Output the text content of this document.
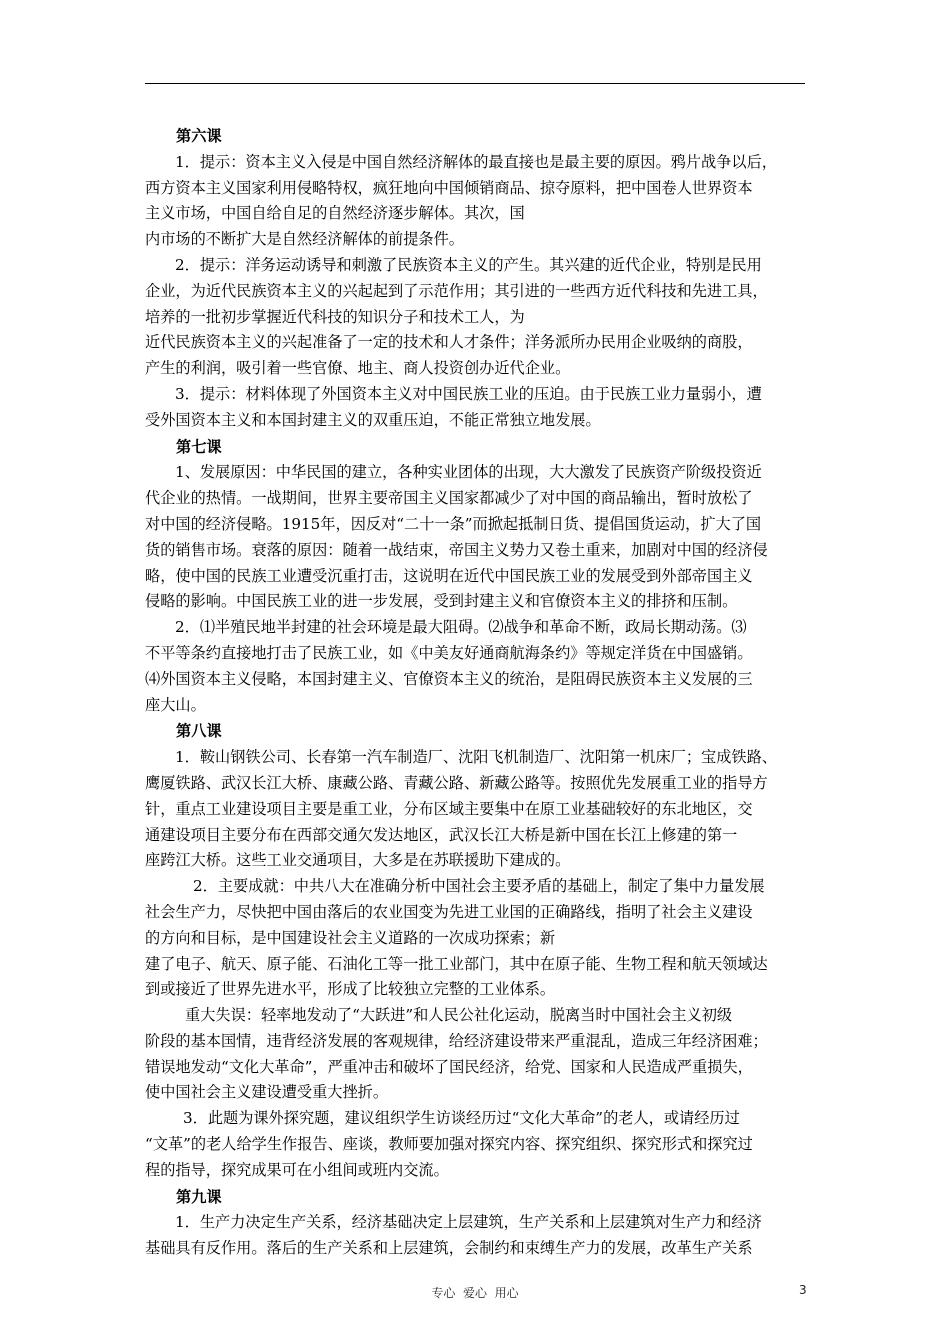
第六课
1．提示：资本主义入侵是中国自然经济解体的最直接也是最主要的原因。鸦片战争以后，
西方资本主义国家利用侵略特权，疯狂地向中国倾销商品、掠夺原料，把中国卷人世界资本
主义市场，中国自给自足的自然经济逐步解体。其次，国
内市场的不断扩大是自然经济解体的前提条件。
2．提示：洋务运动诱导和刺激了民族资本主义的产生。其兴建的近代企业，特别是民用
企业，为近代民族资本主义的兴起起到了示范作用；其引进的一些西方近代科技和先进工具，
培养的一批初步掌握近代科技的知识分子和技术工人，为
近代民族资本主义的兴起准备了一定的技术和人才条件；洋务派所办民用企业吸纳的商股，
产生的利润，吸引着一些官僚、地主、商人投资创办近代企业。
3．提示：材料体现了外国资本主义对中国民族工业的压迫。由于民族工业力量弱小，遭
受外国资本主义和本国封建主义的双重压迫，不能正常独立地发展。
第七课
1、发展原因：中华民国的建立，各种实业团体的出现，大大激发了民族资产阶级投资近
代企业的热情。一战期间，世界主要帝国主义国家都减少了对中国的商品输出，暂时放松了
对中国的经济侵略。1915年，因反对“二十一条”而掀起抵制日货、提倡国货运动，扩大了国
货的销售市场。衰落的原因：随着一战结束，帝国主义势力又卷土重来，加剧对中国的经济侵
略，使中国的民族工业遭受沉重打击，这说明在近代中国民族工业的发展受到外部帝国主义
侵略的影响。中国民族工业的进一步发展，受到封建主义和官僚资本主义的排挤和压制。
2．⑴半殖民地半封建的社会环境是最大阻碍。⑵战争和革命不断，政局长期动荡。⑶
不平等条约直接地打击了民族工业，如《中美友好通商航海条约》等规定洋货在中国盛销。
⑷外国资本主义侵略，本国封建主义、官僚资本主义的统治，是阻碍民族资本主义发展的三
座大山。
第八课
1．鞍山钢铁公司、长春第一汽车制造厂、沈阳飞机制造厂、沈阳第一机床厂；宝成铁路、
鹰厦铁路、武汉长江大桥、康藏公路、青藏公路、新藏公路等。按照优先发展重工业的指导方
针，重点工业建设项目主要是重工业，分布区域主要集中在原工业基础较好的东北地区，交
通建设项目主要分布在西部交通欠发达地区，武汉长江大桥是新中国在长江上修建的第一
座跨江大桥。这些工业交通项目，大多是在苏联援助下建成的。
2．主要成就：中共八大在准确分析中国社会主要矛盾的基础上，制定了集中力量发展
社会生产力，尽快把中国由落后的农业国变为先进工业国的正确路线，指明了社会主义建设
的方向和目标，是中国建设社会主义道路的一次成功探索；新
建了电子、航天、原子能、石油化工等一批工业部门，其中在原子能、生物工程和航天领域达
到或接近了世界先进水平，形成了比较独立完整的工业体系。
重大失误：轻率地发动了“大跃进”和人民公社化运动，脱离当时中国社会主义初级
阶段的基本国情，违背经济发展的客观规律，给经济建设带来严重混乱，造成三年经济困难；
错误地发动“文化大革命”，严重冲击和破坏了国民经济，给党、国家和人民造成严重损失，
使中国社会主义建设遭受重大挫折。
3．此题为课外探究题，建议组织学生访谈经历过“文化大革命”的老人，或请经历过
“文革”的老人给学生作报告、座谈，教师要加强对探究内容、探究组织、探究形式和探究过
程的指导，探究成果可在小组间或班内交流。
第九课
1．生产力决定生产关系，经济基础决定上层建筑，生产关系和上层建筑对生产力和经济
基础具有反作用。落后的生产关系和上层建筑，会制约和束缚生产力的发展，改革生产关系
专心  爱心  用心	3
